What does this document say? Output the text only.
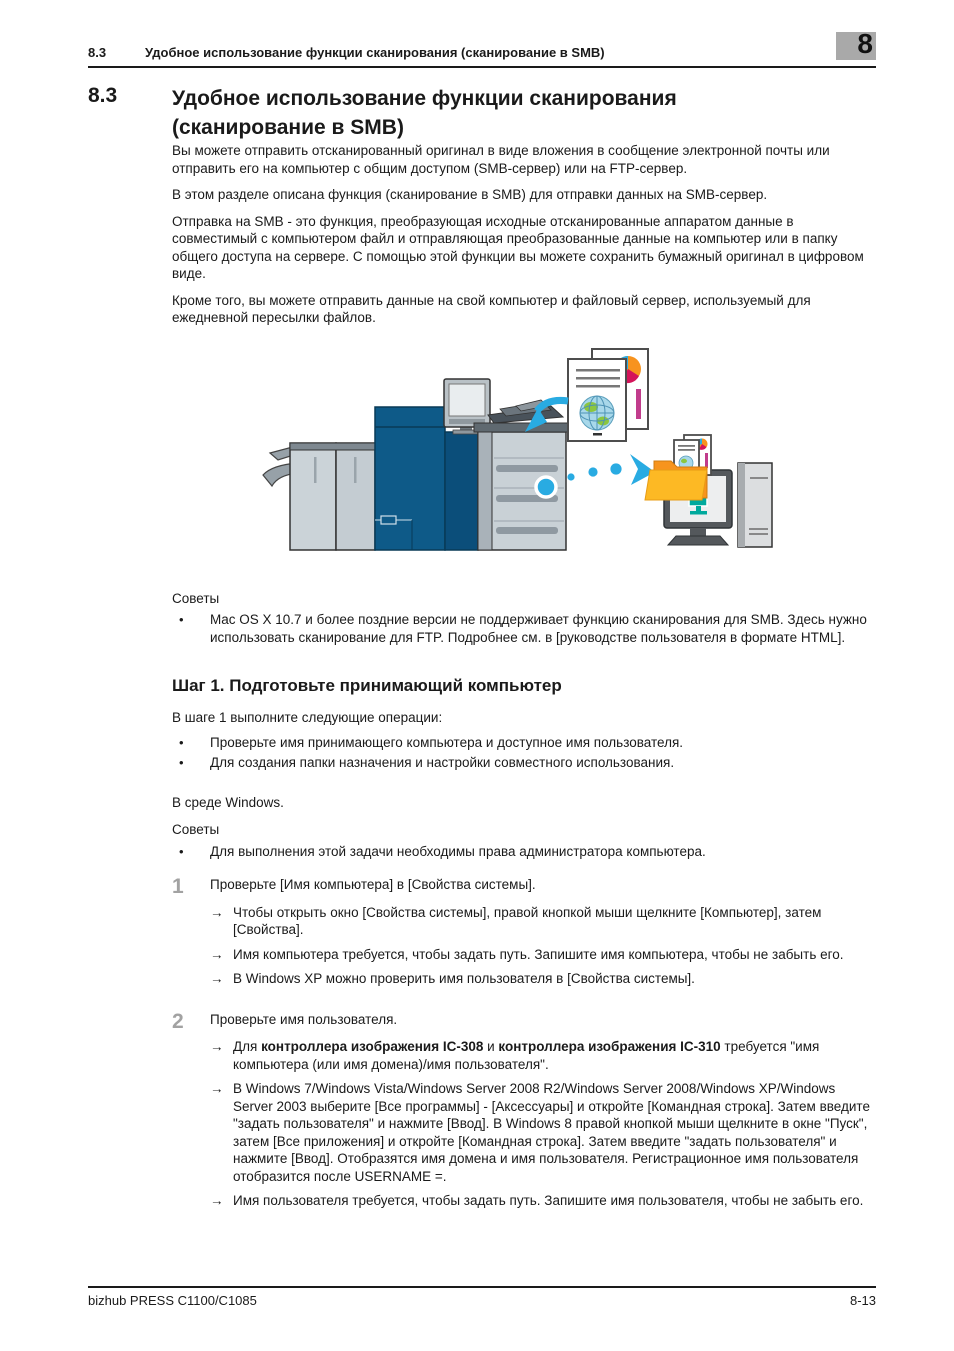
8.3	Удобное использование функции сканирования (сканирование в SMB)	8
8.3	Удобное использование функции сканирования
(сканирование в SMB)

Вы можете отправить отсканированный оригинал в виде вложения в сообщение электронной почты или отправить его на компьютер с общим доступом (SMB-сервер) или на FTP-сервер.

В этом разделе описана функция (сканирование в SMB) для отправки данных на SMB-сервер.

Отправка на SMB - это функция, преобразующая исходные отсканированные аппаратом данные в совместимый с компьютером файл и отправляющая преобразованные данные на компьютер или в папку общего доступа на сервере. С помощью этой функции вы можете сохранить бумажный оригинал в цифровом виде.

Кроме того, вы можете отправить данные на свой компьютер и файловый сервер, используемый для ежедневной пересылки файлов.

Советы

•	Mac OS X 10.7 и более поздние версии не поддерживает функцию сканирования для SMB. Здесь нужно использовать сканирование для FTP. Подробнее см. в [руководстве пользователя в формате HTML].
Шаг 1. Подготовьте принимающий компьютер

В шаге 1 выполните следующие операции:

•	Проверьте имя принимающего компьютера и доступное имя пользователя.
•	Для создания папки назначения и настройки совместного использования.

В среде Windows.

Советы

•	Для выполнения этой задачи необходимы права администратора компьютера.
1	Проверьте [Имя компьютера] в [Свойства системы].

→ Чтобы открыть окно [Свойства системы], правой кнопкой мыши щелкните [Компьютер], затем [Свойства].

→ Имя компьютера требуется, чтобы задать путь. Запишите имя компьютера, чтобы не забыть его.

→ В Windows XP можно проверить имя пользователя в [Свойства системы].

2	Проверьте имя пользователя.

→ Для контроллера изображения IC-308 и контроллера изображения IC-310 требуется "имя компьютера (или имя домена)/имя пользователя".

→ В Windows 7/Windows Vista/Windows Server 2008 R2/Windows Server 2008/Windows XP/Windows Server 2003 выберите [Все программы] - [Аксессуары] и откройте [Командная строка]. Затем введите "задать пользователя" и нажмите [Ввод]. В Windows 8 правой кнопкой мыши щелкните в окне "Пуск", затем [Все приложения] и откройте [Командная строка]. Затем введите "задать пользователя" и нажмите [Ввод]. Отобразятся имя домена и имя пользователя. Регистрационное имя пользователя отобразится после USERNAME =.

→ Имя пользователя требуется, чтобы задать путь. Запишите имя пользователя, чтобы не забыть его.

bizhub PRESS C1100/C1085	8-13
